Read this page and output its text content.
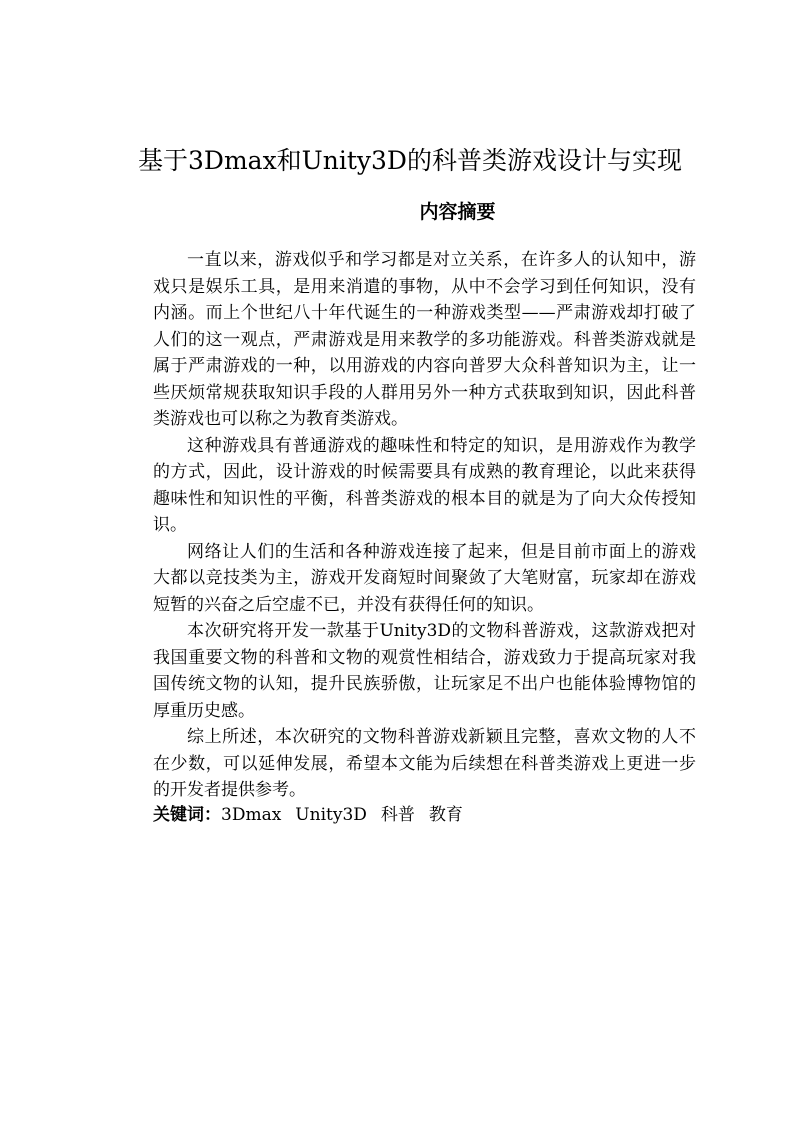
基于3Dmax和Unity3D的科普类游戏设计与实现
内容摘要

一直以来，游戏似乎和学习都是对立关系，在许多人的认知中，游戏只是娱乐工具，是用来消遣的事物，从中不会学习到任何知识，没有内涵。而上个世纪八十年代诞生的一种游戏类型——严肃游戏却打破了人们的这一观点，严肃游戏是用来教学的多功能游戏。科普类游戏就是属于严肃游戏的一种，以用游戏的内容向普罗大众科普知识为主，让一些厌烦常规获取知识手段的人群用另外一种方式获取到知识，因此科普类游戏也可以称之为教育类游戏。

这种游戏具有普通游戏的趣味性和特定的知识，是用游戏作为教学的方式，因此，设计游戏的时候需要具有成熟的教育理论，以此来获得趣味性和知识性的平衡，科普类游戏的根本目的就是为了向大众传授知识。

网络让人们的生活和各种游戏连接了起来，但是目前市面上的游戏大都以竞技类为主，游戏开发商短时间聚敛了大笔财富，玩家却在游戏短暂的兴奋之后空虚不已，并没有获得任何的知识。

本次研究将开发一款基于Unity3D的文物科普游戏，这款游戏把对我国重要文物的科普和文物的观赏性相结合，游戏致力于提高玩家对我国传统文物的认知，提升民族骄傲，让玩家足不出户也能体验博物馆的厚重历史感。

综上所述，本次研究的文物科普游戏新颖且完整，喜欢文物的人不在少数，可以延伸发展，希望本文能为后续想在科普类游戏上更进一步的开发者提供参考。

关键词：3Dmax Unity3D 科普 教育
